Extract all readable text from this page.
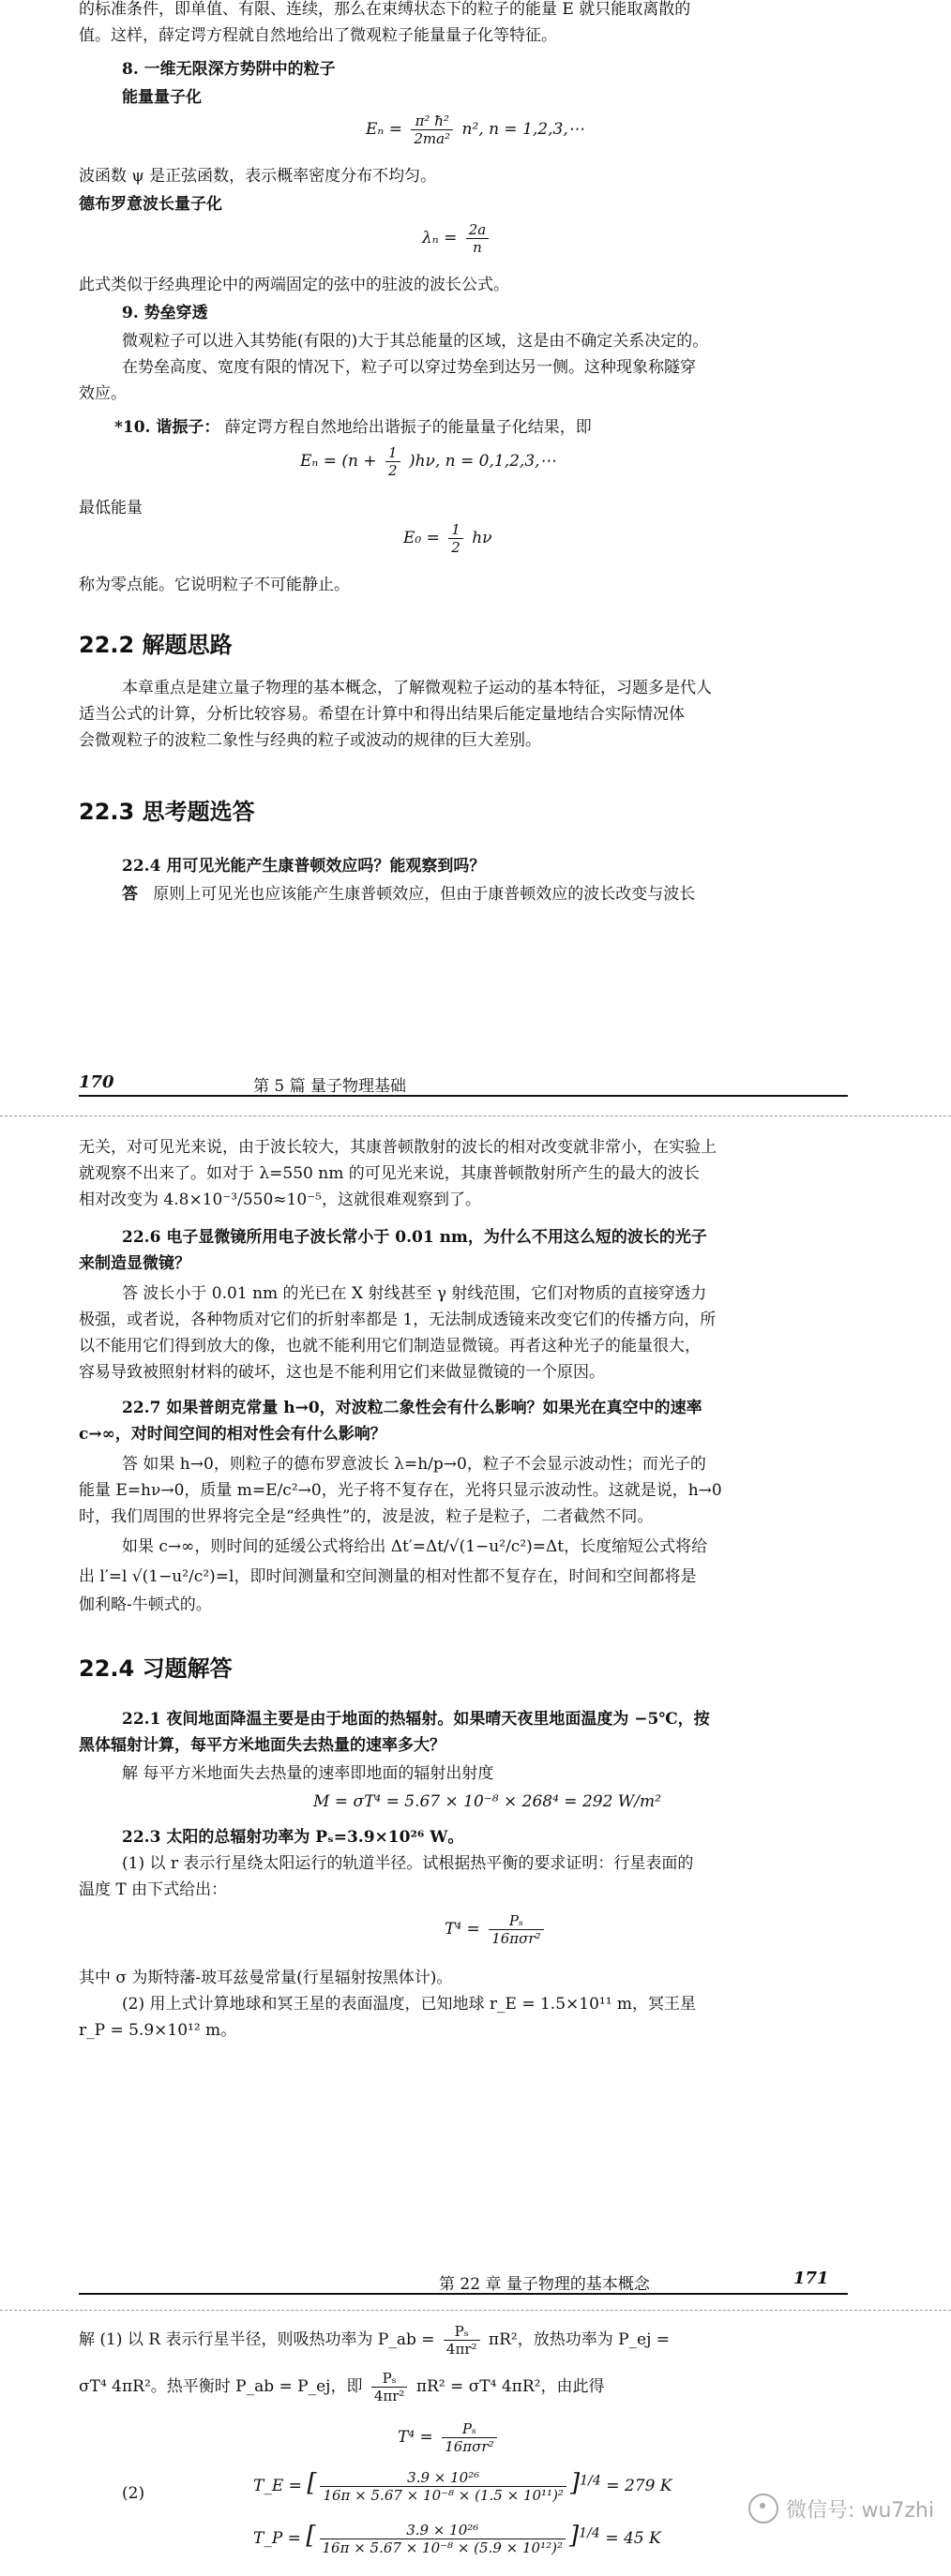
的标准条件，即单值、有限、连续，那么在束缚状态下的粒子的能量 E 就只能取离散的
值。这样，薛定谔方程就自然地给出了微观粒子能量量子化等特征。
8. 一维无限深方势阱中的粒子
能量量子化
$E_n = \frac{\text{π² ħ²}}{\text{2ma²}} n^2$, n = 1,2,3,⋯
波函数 ψ 是正弦函数，表示概率密度分布不均匀。
德布罗意波长量子化
$\lambda_n = \frac{2a}{n}$
此式类似于经典理论中的两端固定的弦中的驻波的波长公式。
9. 势垒穿透
微观粒子可以进入其势能(有限的)大于其总能量的区域，这是由不确定关系决定的。
在势垒高度、宽度有限的情况下，粒子可以穿过势垒到达另一侧。这种现象称隧穿
效应。
*10. 谐振子： 薛定谔方程自然地给出谐振子的能量量子化结果，即
$E_n = (n + \frac{1}{2} )h\nu$, n = 0,1,2,3,⋯
最低能量
$E_0 = \frac{1}{2}$ hν
称为零点能。它说明粒子不可能静止。
22.2 解题思路
本章重点是建立量子物理的基本概念，了解微观粒子运动的基本特征，习题多是代人
适当公式的计算，分析比较容易。希望在计算中和得出结果后能定量地结合实际情况体
会微观粒子的波粒二象性与经典的粒子或波动的规律的巨大差别。
22.3 思考题选答
22.4 用可见光能产生康普顿效应吗？能观察到吗？
答 原则上可见光也应该能产生康普顿效应，但由于康普顿效应的波长改变与波长
170	第 5 篇 量子物理基础
无关，对可见光来说，由于波长较大，其康普顿散射的波长的相对改变就非常小，在实验上
就观察不出来了。如对于 λ=550 nm 的可见光来说，其康普顿散射所产生的最大的波长
相对改变为 4.8×10⁻³/550≈10⁻⁵，这就很难观察到了。
22.6 电子显微镜所用电子波长常小于 0.01 nm，为什么不用这么短的波长的光子
来制造显微镜？
答 波长小于 0.01 nm 的光已在 X 射线甚至 γ 射线范围，它们对物质的直接穿透力
极强，或者说，各种物质对它们的折射率都是 1，无法制成透镜来改变它们的传播方向，所
以不能用它们得到放大的像，也就不能利用它们制造显微镜。再者这种光子的能量很大，
容易导致被照射材料的破坏，这也是不能利用它们来做显微镜的一个原因。
22.7 如果普朗克常量 h→0，对波粒二象性会有什么影响？如果光在真空中的速率
c→∞，对时间空间的相对性会有什么影响？
答 如果 h→0，则粒子的德布罗意波长 λ=h/p→0，粒子不会显示波动性；而光子的
能量 E=hν→0，质量 m=E/c²→0，光子将不复存在，光将只显示波动性。这就是说，h→0
时，我们周围的世界将完全是“经典性”的，波是波，粒子是粒子，二者截然不同。
如果 c→∞，则时间的延缓公式将给出 Δt′=Δt/√(1−u²/c²)=Δt，长度缩短公式将给
出 l′=l √(1−u²/c²)=l，即时间测量和空间测量的相对性都不复存在，时间和空间都将是
伽利略-牛顿式的。
22.4 习题解答
22.1 夜间地面降温主要是由于地面的热辐射。如果晴天夜里地面温度为 −5℃，按
黑体辐射计算，每平方米地面失去热量的速率多大？
解 每平方米地面失去热量的速率即地面的辐射出射度
M = σT⁴ = 5.67 × 10⁻⁸ × 268⁴ = 292 W/m²
22.3 太阳的总辐射功率为 Pₛ=3.9×10²⁶ W。
(1) 以 r 表示行星绕太阳运行的轨道半径。试根据热平衡的要求证明：行星表面的
温度 T 由下式给出：
$T^4 = \frac{\text{Pₛ}}{\text{16πσr²}}$
其中 σ 为斯特藩-玻耳兹曼常量(行星辐射按黑体计)。
(2) 用上式计算地球和冥王星的表面温度，已知地球 r_E = 1.5×10¹¹ m，冥王星
r_P = 5.9×10¹² m。
第 22 章 量子物理的基本概念	171
解 (1) 以 R 表示行星半径，则吸热功率为 P_ab = $\frac{\text{Pₛ}}{\text{4πr²}} \pi R^2$，放热功率为 P_ej =
σT⁴ 4πR²。热平衡时 P_ab = P_ej，即 $\frac{\text{Pₛ}}{\text{4πr²}} \pi R^2 = \sigma T^4$ 4πR²，由此得
$T^4 = \frac{\text{Pₛ}}{\text{16πσr²}}$
(2)	T_E = [ $\frac{\text{3.9 × 10²⁶}}{\text{16π × 5.67 × 10⁻⁸ × (1.5 × 10¹¹)²}} ]^{1/4} = 279$ K
T_P = [ $\frac{\text{3.9 × 10²⁶}}{\text{16π × 5.67 × 10⁻⁸ × (5.9 × 10¹²)²}} ]^{1/4} = 45$ K
微信号: wu7zhi
